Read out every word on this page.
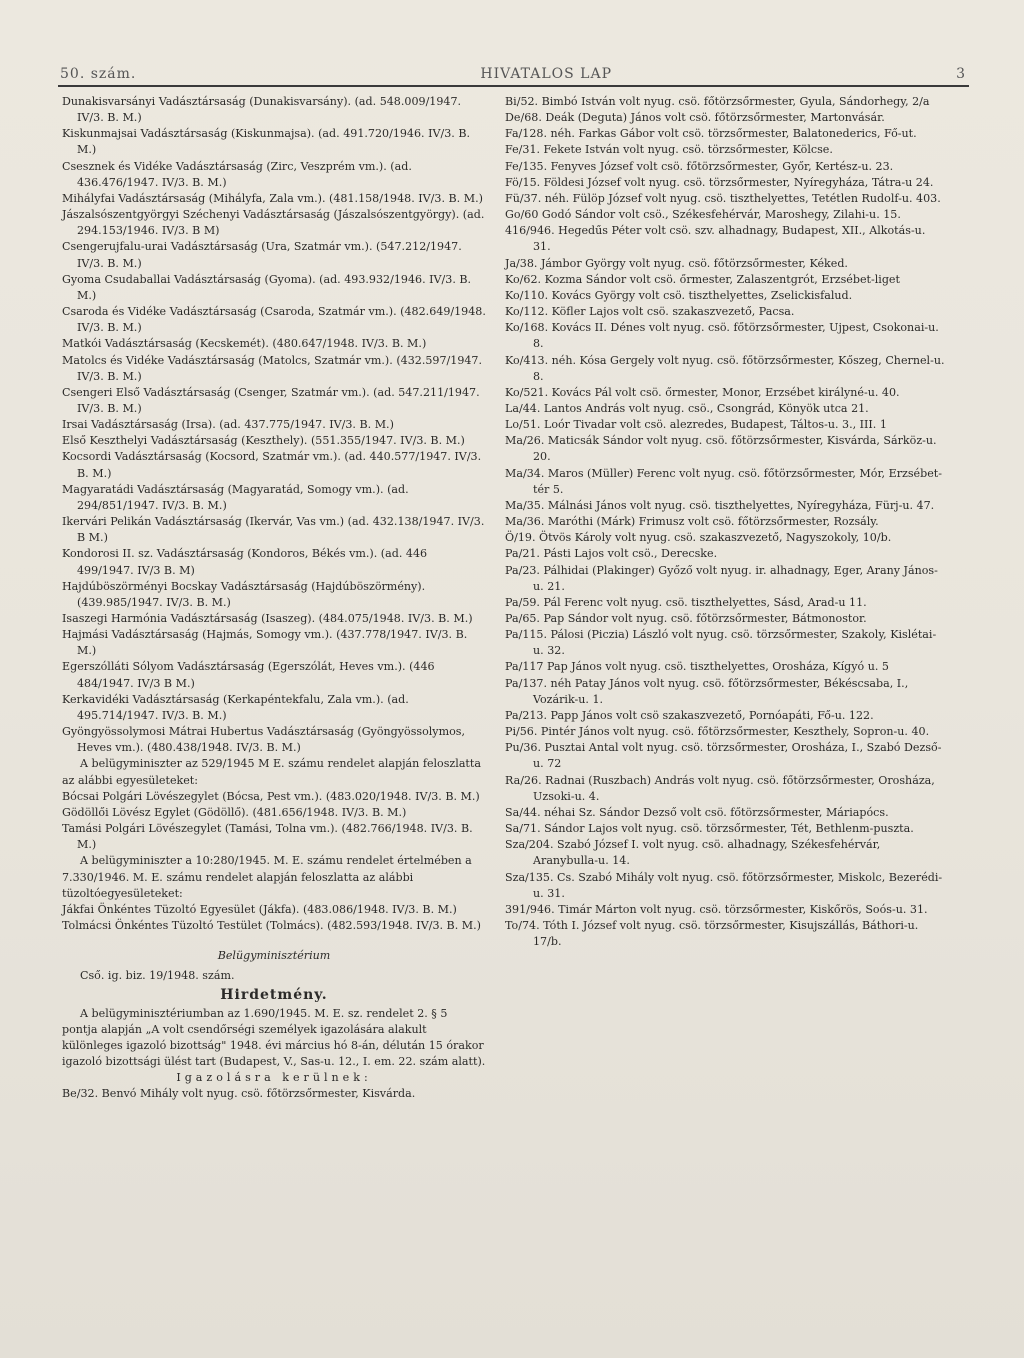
50. szám.	HIVATALOS LAP	3

Dunakisvarsányi Vadásztársaság (Dunakisvarsány). (ad. 548.009/1947. IV/3. B. M.)

Kiskunmajsai Vadásztársaság (Kiskunmajsa). (ad. 491.720/1946. IV/3. B. M.)

Csesznek és Vidéke Vadásztársaság (Zirc, Veszprém vm.). (ad. 436.476/1947. IV/3. B. M.)

Mihályfai Vadásztársaság (Mihályfa, Zala vm.). (481.158/1948. IV/3. B. M.)

Jászalsószentgyörgyi Széchenyi Vadásztársaság (Jászalsószentgyörgy). (ad. 294.153/1946. IV/3. B M)

Csengerujfalu-urai Vadásztársaság (Ura, Szatmár vm.). (547.212/1947. IV/3. B. M.)

Gyoma Csudaballai Vadásztársaság (Gyoma). (ad. 493.932/1946. IV/3. B. M.)

Csaroda és Vidéke Vadásztársaság (Csaroda, Szatmár vm.). (482.649/1948. IV/3. B. M.)

Matkói Vadásztársaság (Kecskemét). (480.647/1948. IV/3. B. M.)

Matolcs és Vidéke Vadásztársaság (Matolcs, Szatmár vm.). (432.597/1947. IV/3. B. M.)

Csengeri Első Vadásztársaság (Csenger, Szatmár vm.). (ad. 547.211/1947. IV/3. B. M.)

Irsai Vadásztársaság (Irsa). (ad. 437.775/1947. IV/3. B. M.)

Első Keszthelyi Vadásztársaság (Keszthely). (551.355/1947. IV/3. B. M.)

Kocsordi Vadásztársaság (Kocsord, Szatmár vm.). (ad. 440.577/1947. IV/3. B. M.)

Magyaratádi Vadásztársaság (Magyaratád, Somogy vm.). (ad. 294/851/1947. IV/3. B. M.)

Ikervári Pelikán Vadásztársaság (Ikervár, Vas vm.) (ad. 432.138/1947. IV/3. B M.)

Kondorosi II. sz. Vadásztársaság (Kondoros, Békés vm.). (ad. 446 499/1947. IV/3 B. M)

Hajdúböszörményi Bocskay Vadásztársaság (Hajdúböszörmény). (439.985/1947. IV/3. B. M.)

Isaszegi Harmónia Vadásztársaság (Isaszeg). (484.075/1948. IV/3. B. M.)

Hajmási Vadásztársaság (Hajmás, Somogy vm.). (437.778/1947. IV/3. B. M.)

Egerszólláti Sólyom Vadásztársaság (Egerszólát, Heves vm.). (446 484/1947. IV/3 B M.)

Kerkavidéki Vadásztársaság (Kerkapéntekfalu, Zala vm.). (ad. 495.714/1947. IV/3. B. M.)

Gyöngyössolymosi Mátrai Hubertus Vadásztársaság (Gyöngyössolymos, Heves vm.). (480.438/1948. IV/3. B. M.)

A belügyminiszter az 529/1945 M E. számu rendelet alapján feloszlatta az alábbi egyesületeket:

Bócsai Polgári Lövészegylet (Bócsa, Pest vm.). (483.020/1948. IV/3. B. M.)

Gödöllői Lövész Egylet (Gödöllő). (481.656/1948. IV/3. B. M.)

Tamási Polgári Lövészegylet (Tamási, Tolna vm.). (482.766/1948. IV/3. B. M.)

A belügyminiszter a 10:280/1945. M. E. számu rendelet értelmében a 7.330/1946. M. E. számu rendelet alapján feloszlatta az alábbi tüzoltóegyesületeket:

Jákfai Önkéntes Tüzoltó Egyesület (Jákfa). (483.086/1948. IV/3. B. M.)

Tolmácsi Önkéntes Tüzoltó Testület (Tolmács). (482.593/1948. IV/3. B. M.)

Belügyminisztérium

Cső. ig. biz. 19/1948. szám.

Hirdetmény.

A belügyminisztériumban az 1.690/1945. M. E. sz. rendelet 2. § 5 pontja alapján „A volt csendőrségi személyek igazolására alakult különleges igazoló bizottság" 1948. évi március hó 8-án, délután 15 órakor igazoló bizottsági ülést tart (Budapest, V., Sas-u. 12., I. em. 22. szám alatt).

Igazolásra kerülnek:

Be/32. Benvó Mihály volt nyug. csö. főtörzsőrmester, Kisvárda.

Bi/52. Bimbó István volt nyug. csö. főtörzsőrmester, Gyula, Sándorhegy, 2/a

De/68. Deák (Deguta) János volt csö. főtörzsőrmester, Martonvásár.

Fa/128. néh. Farkas Gábor volt csö. törzsőrmester, Balatonederics, Fő-ut.

Fe/31. Fekete István volt nyug. csö. törzsőrmester, Kölcse.

Fe/135. Fenyves József volt csö. főtörzsőrmester, Győr, Kertész-u. 23.

Fö/15. Földesi József volt nyug. csö. törzsőrmester, Nyíregyháza, Tátra-u 24.

Fü/37. néh. Fülöp József volt nyug. csö. tiszthelyettes, Tetétlen Rudolf-u. 403.

Go/60 Godó Sándor volt csö., Székesfehérvár, Maroshegy, Zilahi-u. 15.

416/946. Hegedűs Péter volt csö. szv. alhadnagy, Budapest, XII., Alkotás-u. 31.

Ja/38. Jámbor György volt nyug. csö. főtörzsőrmester, Kéked.

Ko/62. Kozma Sándor volt csö. őrmester, Zalaszentgrót, Erzsébet-liget

Ko/110. Kovács György volt csö. tiszthelyettes, Zselickisfalud.

Ko/112. Köfler Lajos volt csö. szakaszvezető, Pacsa.

Ko/168. Kovács II. Dénes volt nyug. csö. főtörzsőrmester, Ujpest, Csokonai-u. 8.

Ko/413. néh. Kósa Gergely volt nyug. csö. főtörzsőrmester, Kőszeg, Chernel-u. 8.

Ko/521. Kovács Pál volt csö. őrmester, Monor, Erzsébet királyné-u. 40.

La/44. Lantos András volt nyug. csö., Csongrád, Könyök utca 21.

Lo/51. Loór Tivadar volt csö. alezredes, Budapest, Táltos-u. 3., III. 1

Ma/26. Maticsák Sándor volt nyug. csö. főtörzsőrmester, Kisvárda, Sárköz-u. 20.

Ma/34. Maros (Müller) Ferenc volt nyug. csö. főtörzsőrmester, Mór, Erzsébet-tér 5.

Ma/35. Málnási János volt nyug. csö. tiszthelyettes, Nyíregyháza, Fürj-u. 47.

Ma/36. Maróthi (Márk) Frimusz volt csö. főtörzsőrmester, Rozsály.

Ö/19. Ötvös Károly volt nyug. csö. szakaszvezető, Nagyszokoly, 10/b.

Pa/21. Pásti Lajos volt csö., Derecske.

Pa/23. Pálhidai (Plakinger) Győző volt nyug. ir. alhadnagy, Eger, Arany János-u. 21.

Pa/59. Pál Ferenc volt nyug. csö. tiszthelyettes, Sásd, Arad-u 11.

Pa/65. Pap Sándor volt nyug. csö. főtörzsőrmester, Bátmonostor.

Pa/115. Pálosi (Piczia) László volt nyug. csö. törzsőrmester, Szakoly, Kislétai-u. 32.

Pa/117 Pap János volt nyug. csö. tiszthelyettes, Orosháza, Kígyó u. 5

Pa/137. néh Patay János volt nyug. csö. főtörzsőrmester, Békéscsaba, I., Vozárik-u. 1.

Pa/213. Papp János volt csö szakaszvezető, Pornóapáti, Fő-u. 122.

Pi/56. Pintér János volt nyug. csö. főtörzsőrmester, Keszthely, Sopron-u. 40.

Pu/36. Pusztai Antal volt nyug. csö. törzsőrmester, Orosháza, I., Szabó Dezső-u. 72

Ra/26. Radnai (Ruszbach) András volt nyug. csö. főtörzsőrmester, Orosháza, Uzsoki-u. 4.

Sa/44. néhai Sz. Sándor Dezső volt csö. főtörzsőrmester, Máriapócs.

Sa/71. Sándor Lajos volt nyug. csö. törzsőrmester, Tét, Bethlenm-puszta.

Sza/204. Szabó József I. volt nyug. csö. alhadnagy, Székesfehérvár, Aranybulla-u. 14.

Sza/135. Cs. Szabó Mihály volt nyug. csö. főtörzsőrmester, Miskolc, Bezerédi-u. 31.

391/946. Timár Márton volt nyug. csö. törzsőrmester, Kiskőrös, Soós-u. 31.

To/74. Tóth I. József volt nyug. csö. törzsőrmester, Kisujszállás, Báthori-u. 17/b.
